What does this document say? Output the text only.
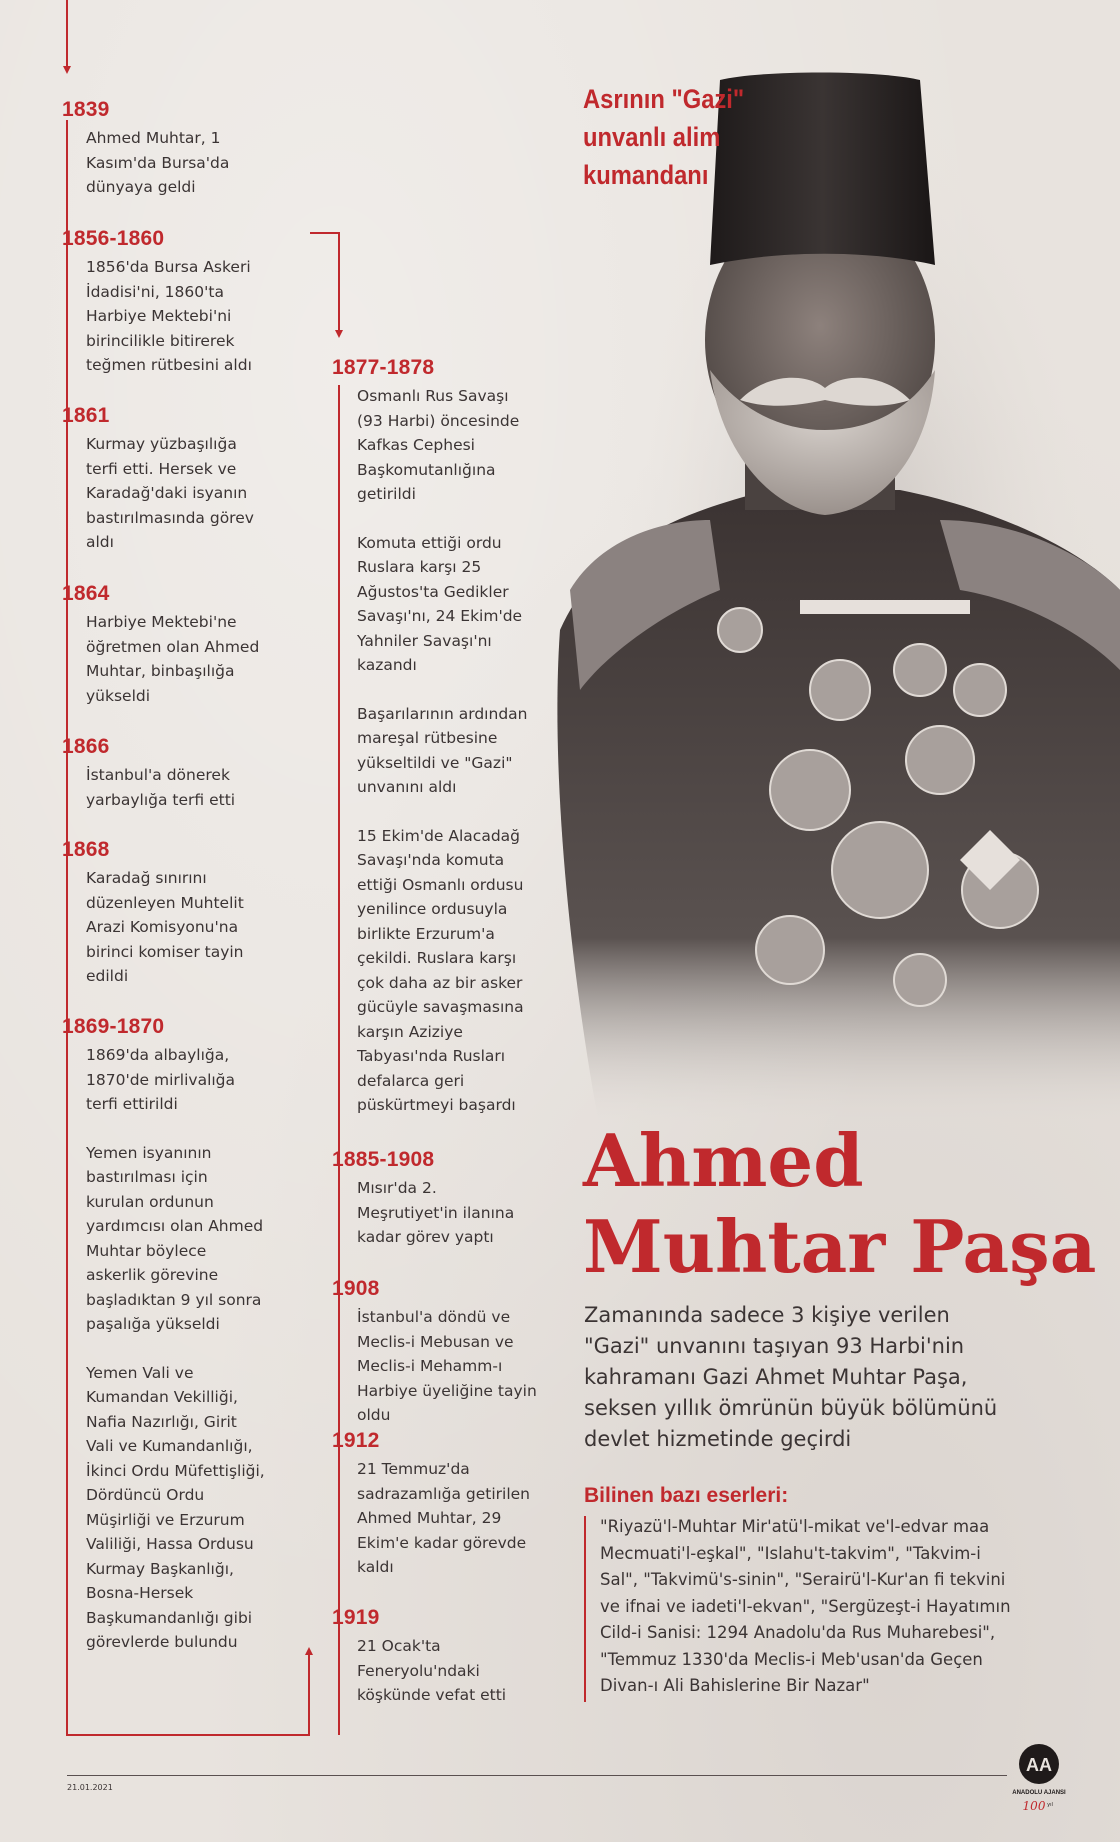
Asrının "Gazi"
unvanlı alim
kumandanı
1839

Ahmed Muhtar, 1 Kasım'da Bursa'da dünyaya geldi

1856-1860

1856'da Bursa Askeri İdadisi'ni, 1860'ta Harbiye Mektebi'ni birincilikle bitirerek teğmen rütbesini aldı

1861

Kurmay yüzbaşılığa terfi etti. Hersek ve Karadağ'daki isyanın bastırılmasında görev aldı

1864

Harbiye Mektebi'ne öğretmen olan Ahmed Muhtar, binbaşılığa yükseldi

1866

İstanbul'a dönerek yarbaylığa terfi etti

1868

Karadağ sınırını düzenleyen Muhtelit Arazi Komisyonu'na birinci komiser tayin edildi

1869-1870

1869'da albaylığa, 1870'de mirlivalığa terfi ettirildi

Yemen isyanının bastırılması için kurulan ordunun yardımcısı olan Ahmed Muhtar böylece askerlik görevine başladıktan 9 yıl sonra paşalığa yükseldi

Yemen Vali ve Kumandan Vekilliği, Nafia Nazırlığı, Girit Vali ve Kumandanlığı, İkinci Ordu Müfettişliği, Dördüncü Ordu Müşirliği ve Erzurum Valiliği, Hassa Ordusu Kurmay Başkanlığı, Bosna-Hersek Başkumandanlığı gibi görevlerde bulundu

1877-1878

Osmanlı Rus Savaşı (93 Harbi) öncesinde Kafkas Cephesi Başkomutanlığına getirildi

Komuta ettiği ordu Ruslara karşı 25 Ağustos'ta Gedikler Savaşı'nı, 24 Ekim'de Yahniler Savaşı'nı kazandı

Başarılarının ardından mareşal rütbesine yükseltildi ve "Gazi" unvanını aldı

15 Ekim'de Alacadağ Savaşı'nda komuta ettiği Osmanlı ordusu yenilince ordusuyla birlikte Erzurum'a çekildi. Ruslara karşı çok daha az bir asker gücüyle savaşmasına karşın Aziziye Tabyası'nda Rusları defalarca geri püskürtmeyi başardı

1885-1908

Mısır'da 2. Meşrutiyet'in ilanına kadar görev yaptı

1908

İstanbul'a döndü ve Meclis-i Mebusan ve Meclis-i Mehamm-ı Harbiye üyeliğine tayin oldu

1912

21 Temmuz'da sadrazamlığa getirilen Ahmed Muhtar, 29 Ekim'e kadar görevde kaldı

1919

21 Ocak'ta Feneryolu'ndaki köşkünde vefat etti

Ahmed
Muhtar Paşa
Zamanında sadece 3 kişiye verilen "Gazi" unvanını taşıyan 93 Harbi'nin kahramanı Gazi Ahmet Muhtar Paşa, seksen yıllık ömrünün büyük bölümünü devlet hizmetinde geçirdi
Bilinen bazı eserleri:
"Riyazü'l-Muhtar Mir'atü'l-mikat ve'l-edvar maa Mecmuati'l-eşkal", "Islahu't-takvim", "Takvim-i Sal", "Takvimü's-sinin", "Serairü'l-Kur'an fi tekvini ve ifnai ve iadeti'l-ekvan", "Sergüzeşt-i Hayatımın Cild-i Sanisi: 1294 Anadolu'da Rus Muharebesi", "Temmuz 1330'da Meclis-i Meb'usan'da Geçen Divan-ı Ali Bahislerine Bir Nazar"
21.01.2021
AA
ANADOLU AJANSI
100 yıl
